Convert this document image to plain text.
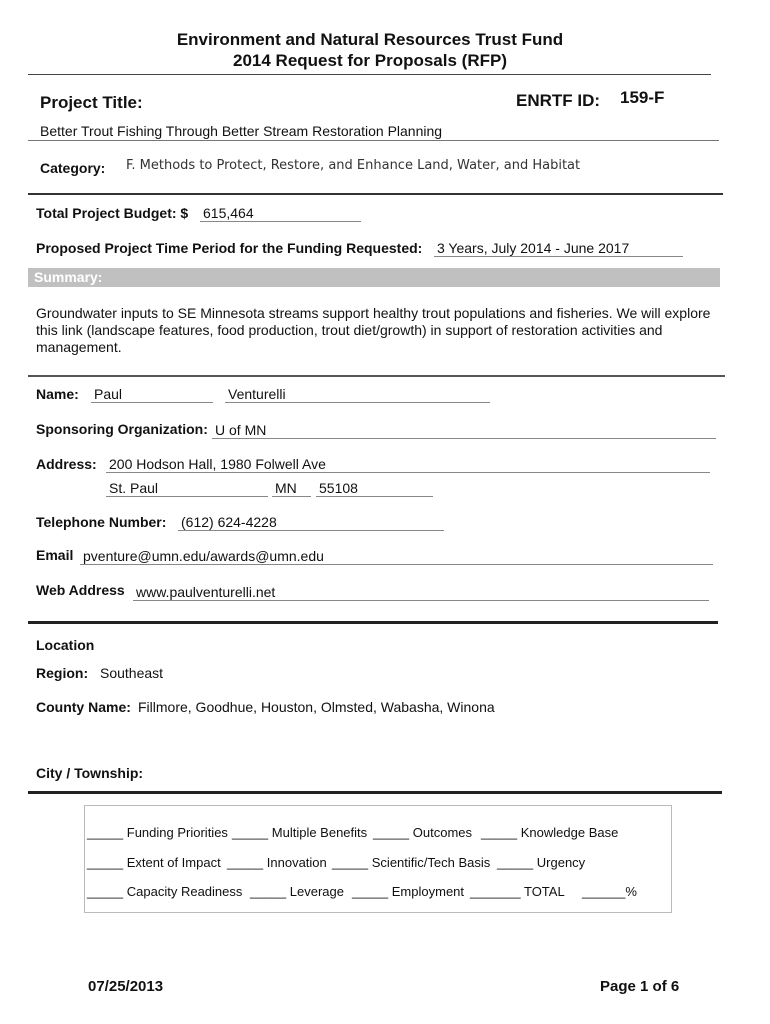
Environment and Natural Resources Trust Fund
2014 Request for Proposals (RFP)
Project Title:	ENRTF ID: 159-F
Better Trout Fishing Through Better Stream Restoration Planning
Category: F. Methods to Protect, Restore, and Enhance Land, Water, and Habitat
Total Project Budget: $ 615,464
Proposed Project Time Period for the Funding Requested: 3 Years, July 2014 - June 2017
Summary:
Groundwater inputs to SE Minnesota streams support healthy trout populations and fisheries. We will explore this link (landscape features, food production, trout diet/growth) in support of restoration activities and management.
Name: Paul	Venturelli
Sponsoring Organization: U of MN
Address: 200 Hodson Hall, 1980 Folwell Ave
St. Paul	MN	55108
Telephone Number: (612) 624-4228
Email pventure@umn.edu/awards@umn.edu
Web Address www.paulventurelli.net
Location
Region: Southeast
County Name: Fillmore, Goodhue, Houston, Olmsted, Wabasha, Winona
City / Township:
_____ Funding Priorities _____ Multiple Benefits _____ Outcomes _____ Knowledge Base
_____ Extent of Impact _____ Innovation _____ Scientific/Tech Basis _____ Urgency
_____ Capacity Readiness _____ Leverage _____ Employment _______ TOTAL ______%
07/25/2013	Page 1 of 6
